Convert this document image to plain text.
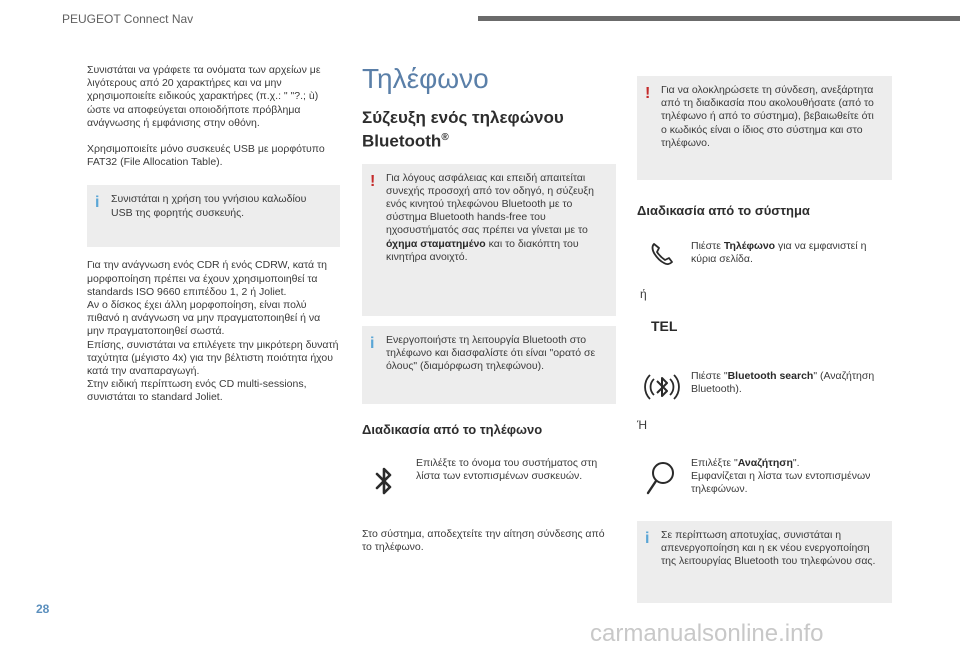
PEUGEOT Connect Nav

Συνιστάται να γράφετε τα ονόματα των αρχείων με λιγότερους από 20 χαρακτήρες και να μην χρησιμοποιείτε ειδικούς χαρακτήρες (π.χ.: " "?.; ù) ώστε να αποφεύγεται οποιοδήποτε πρόβλημα ανάγνωσης ή εμφάνισης στην οθόνη.

Χρησιμοποιείτε μόνο συσκευές USB με μορφότυπο FAT32 (File Allocation Table).

i Συνιστάται η χρήση του γνήσιου καλωδίου USB της φορητής συσκευής.

Για την ανάγνωση ενός CDR ή ενός CDRW, κατά τη μορφοποίηση πρέπει να έχουν χρησιμοποιηθεί τα standards ISO 9660 επιπέδου 1, 2 ή Joliet.

Αν ο δίσκος έχει άλλη μορφοποίηση, είναι πολύ πιθανό η ανάγνωση να μην πραγματοποιηθεί ή να μην πραγματοποιηθεί σωστά.

Επίσης, συνιστάται να επιλέγετε την μικρότερη δυνατή ταχύτητα (μέγιστο 4x) για την βέλτιστη ποιότητα ήχου κατά την αναπαραγωγή.

Στην ειδική περίπτωση ενός CD multi-sessions, συνιστάται το standard Joliet.

Τηλέφωνο
Σύζευξη ενός τηλεφώνου
Bluetooth®
! Για λόγους ασφάλειας και επειδή απαιτείται συνεχής προσοχή από τον οδηγό, η σύζευξη ενός κινητού τηλεφώνου Bluetooth με το σύστημα Bluetooth hands-free του ηχοσυστήματός σας πρέπει να γίνεται με το όχημα σταματημένο και το διακόπτη του κινητήρα ανοιχτό.
i Ενεργοποιήστε τη λειτουργία Bluetooth στο τηλέφωνο και διασφαλίστε ότι είναι "ορατό σε όλους" (διαμόρφωση τηλεφώνου).
Διαδικασία από το τηλέφωνο

Επιλέξτε το όνομα του συστήματος στη λίστα των εντοπισμένων συσκευών.

Στο σύστημα, αποδεχτείτε την αίτηση σύνδεσης από το τηλέφωνο.

! Για να ολοκληρώσετε τη σύνδεση, ανεξάρτητα από τη διαδικασία που ακολουθήσατε (από το τηλέφωνο ή από το σύστημα), βεβαιωθείτε ότι ο κωδικός είναι ο ίδιος στο σύστημα και στο τηλέφωνο.
Διαδικασία από το σύστημα

Πιέστε Τηλέφωνο για να εμφανιστεί η κύρια σελίδα.

ή
TEL

Πιέστε "Bluetooth search" (Αναζήτηση Bluetooth).

Ή

Επιλέξτε "Αναζήτηση".

Εμφανίζεται η λίστα των εντοπισμένων τηλεφώνων.

i Σε περίπτωση αποτυχίας, συνιστάται η απενεργοποίηση και η εκ νέου ενεργοποίηση της λειτουργίας Bluetooth του τηλεφώνου σας.
28
carmanualsonline.info
